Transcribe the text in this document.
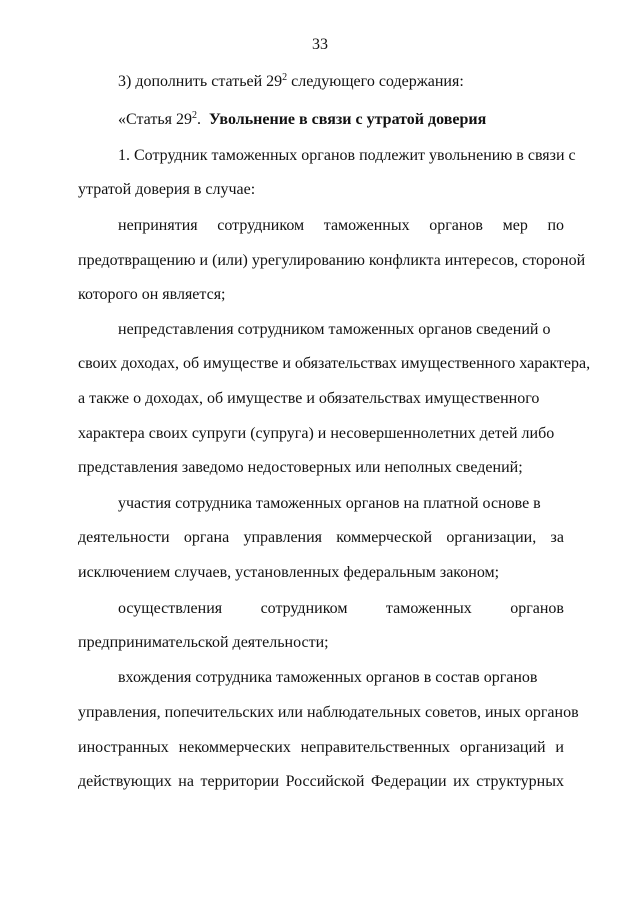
33
3) дополнить статьей $29^2$ следующего содержания:
«Статья $29^2$. Увольнение в связи с утратой доверия
1. Сотрудник таможенных органов подлежит увольнению в связи с
утратой доверия в случае:
непринятия сотрудником таможенных органов мер по
предотвращению и (или) урегулированию конфликта интересов, стороной
которого он является;
непредставления сотрудником таможенных органов сведений о
своих доходах, об имуществе и обязательствах имущественного характера,
а также о доходах, об имуществе и обязательствах имущественного
характера своих супруги (супруга) и несовершеннолетних детей либо
представления заведомо недостоверных или неполных сведений;
участия сотрудника таможенных органов на платной основе в
деятельности органа управления коммерческой организации, за
исключением случаев, установленных федеральным законом;
осуществления сотрудником таможенных органов
предпринимательской деятельности;
вхождения сотрудника таможенных органов в состав органов
управления, попечительских или наблюдательных советов, иных органов
иностранных некоммерческих неправительственных организаций и
действующих на территории Российской Федерации их структурных
